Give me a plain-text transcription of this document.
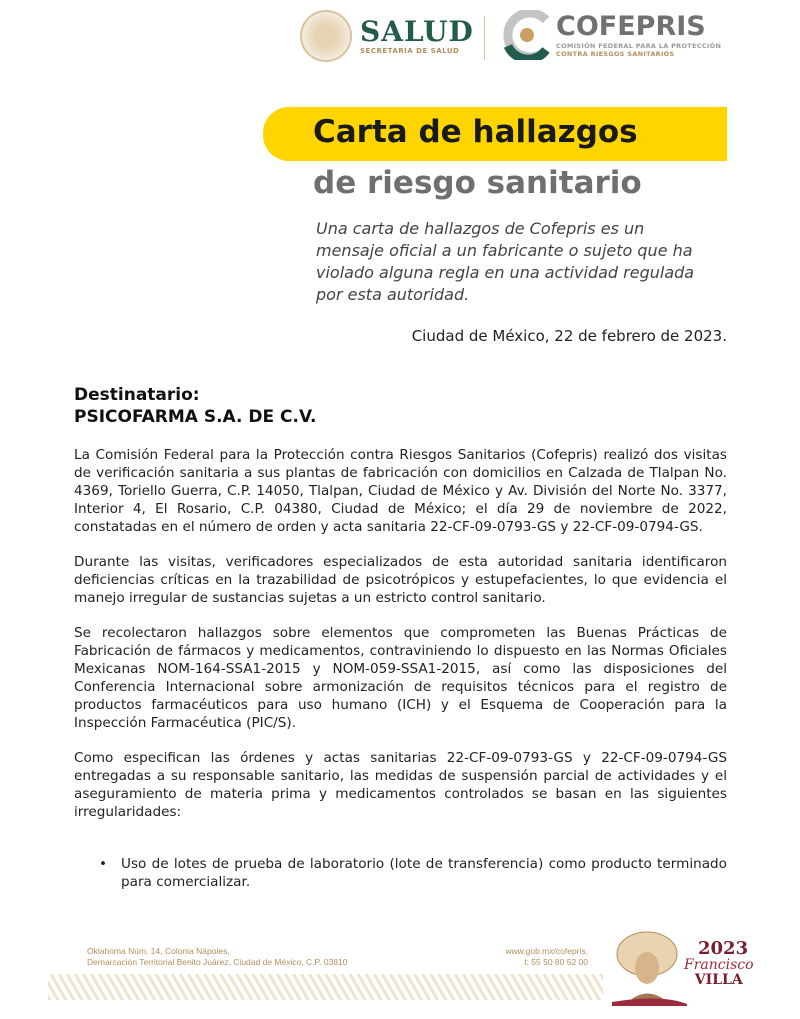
SALUD
SECRETARÍA DE SALUD
COFEPRIS
COMISIÓN FEDERAL PARA LA PROTECCIÓN
CONTRA RIESGOS SANITARIOS
Carta de hallazgos
de riesgo sanitario
Una carta de hallazgos de Cofepris es un mensaje oficial a un fabricante o sujeto que ha violado alguna regla en una actividad regulada por esta autoridad.
Ciudad de México, 22 de febrero de 2023.
Destinatario:
PSICOFARMA S.A. DE C.V.

La Comisión Federal para la Protección contra Riesgos Sanitarios (Cofepris) realizó dos visitas de verificación sanitaria a sus plantas de fabricación con domicilios en Calzada de Tlalpan No. 4369, Toriello Guerra, C.P. 14050, Tlalpan, Ciudad de México y Av. División del Norte No. 3377, Interior 4, El Rosario, C.P. 04380, Ciudad de México; el día 29 de noviembre de 2022, constatadas en el número de orden y acta sanitaria 22-CF-09-0793-GS y 22-CF-09-0794-GS.

Durante las visitas, verificadores especializados de esta autoridad sanitaria identificaron deficiencias críticas en la trazabilidad de psicotrópicos y estupefacientes, lo que evidencia el manejo irregular de sustancias sujetas a un estricto control sanitario.

Se recolectaron hallazgos sobre elementos que comprometen las Buenas Prácticas de Fabricación de fármacos y medicamentos, contraviniendo lo dispuesto en las Normas Oficiales Mexicanas NOM-164-SSA1-2015 y NOM-059-SSA1-2015, así como las disposiciones del Conferencia Internacional sobre armonización de requisitos técnicos para el registro de productos farmacéuticos para uso humano (ICH) y el Esquema de Cooperación para la Inspección Farmacéutica (PIC/S).

Como especifican las órdenes y actas sanitarias 22-CF-09-0793-GS y 22-CF-09-0794-GS entregadas a su responsable sanitario, las medidas de suspensión parcial de actividades y el aseguramiento de materia prima y medicamentos controlados se basan en las siguientes irregularidades:

• Uso de lotes de prueba de laboratorio (lote de transferencia) como producto terminado para comercializar.
Oklahoma Núm. 14, Colonia Nápoles,
Demarcación Territorial Benito Juárez, Ciudad de México, C.P. 03810
www.gob.mx/cofepris,
t: 55 50 80 52 00
2023
Francisco
VILLA
